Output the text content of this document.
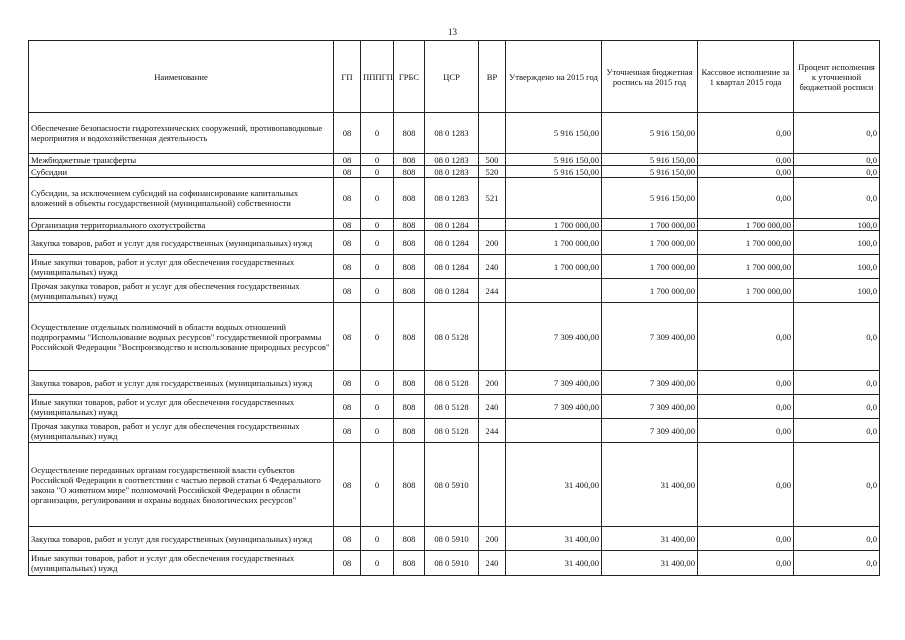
13
Наименование	ГП	ПППГП	ГРБС	ЦСР	ВР	Утверждено на 2015 год	Уточненная бюджетная роспись на 2015 год	Кассовое исполнение за 1 квартал 2015 года	Процент исполнения к уточненной бюджетной росписи
Обеспечение безопасности гидротехнических сооружений, противопаводковые мероприятия и водохозяйственная деятельность	08	0	808	08 0 1283		5 916 150,00	5 916 150,00	0,00	0,0
Межбюджетные трансферты	08	0	808	08 0 1283	500	5 916 150,00	5 916 150,00	0,00	0,0
Субсидии	08	0	808	08 0 1283	520	5 916 150,00	5 916 150,00	0,00	0,0
Субсидии, за исключением субсидий на софинансирование капитальных вложений в объекты государственной (муниципальной) собственности	08	0	808	08 0 1283	521		5 916 150,00	0,00	0,0
Организация территориального охотустройства	08	0	808	08 0 1284		1 700 000,00	1 700 000,00	1 700 000,00	100,0
Закупка товаров, работ и услуг для государственных (муниципальных) нужд	08	0	808	08 0 1284	200	1 700 000,00	1 700 000,00	1 700 000,00	100,0
Иные закупки товаров, работ и услуг для обеспечения государственных (муниципальных) нужд	08	0	808	08 0 1284	240	1 700 000,00	1 700 000,00	1 700 000,00	100,0
Прочая закупка товаров, работ и услуг для обеспечения государственных (муниципальных) нужд	08	0	808	08 0 1284	244		1 700 000,00	1 700 000,00	100,0
Осуществление отдельных полномочий в области водных отношений подпрограммы "Использование водных ресурсов" государственной программы Российской Федерации "Воспроизводство и использование природных ресурсов"	08	0	808	08 0 5128		7 309 400,00	7 309 400,00	0,00	0,0
Закупка товаров, работ и услуг для государственных (муниципальных) нужд	08	0	808	08 0 5128	200	7 309 400,00	7 309 400,00	0,00	0,0
Иные закупки товаров, работ и услуг для обеспечения государственных (муниципальных) нужд	08	0	808	08 0 5128	240	7 309 400,00	7 309 400,00	0,00	0,0
Прочая закупка товаров, работ и услуг для обеспечения государственных (муниципальных) нужд	08	0	808	08 0 5128	244		7 309 400,00	0,00	0,0
Осуществление переданных органам государственной власти субъектов Российской Федерации в соответствии с частью первой статьи 6 Федерального закона "О животном мире" полномочий Российской Федерации в области организации, регулирования и охраны водных биологических ресурсов"	08	0	808	08 0 5910		31 400,00	31 400,00	0,00	0,0
Закупка товаров, работ и услуг для государственных (муниципальных) нужд	08	0	808	08 0 5910	200	31 400,00	31 400,00	0,00	0,0
Иные закупки товаров, работ и услуг для обеспечения государственных (муниципальных) нужд	08	0	808	08 0 5910	240	31 400,00	31 400,00	0,00	0,0
